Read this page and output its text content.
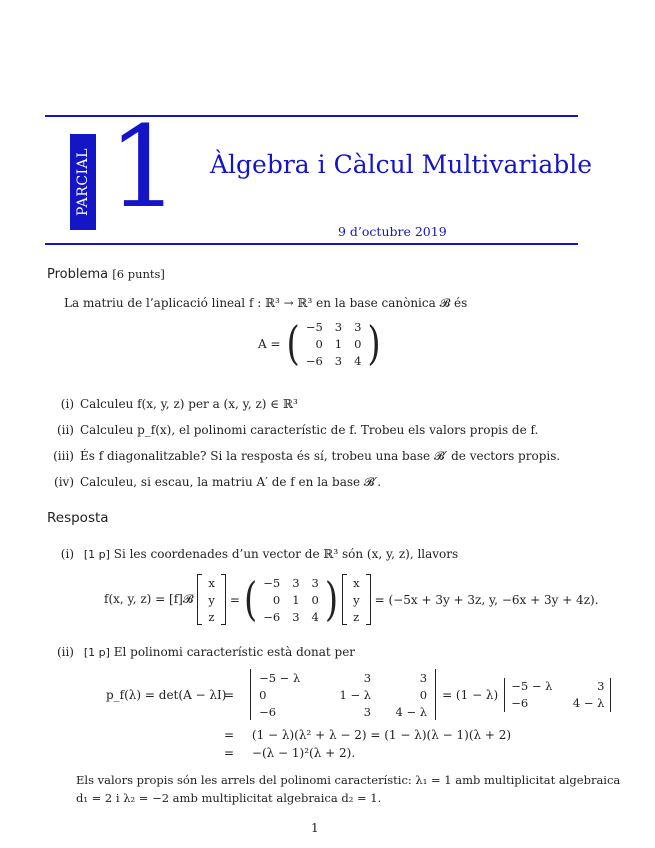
PARCIAL 1 Àlgebra i Càlcul Multivariable
9 d’octubre 2019
Problema [6 punts]
La matriu de l’aplicació lineal f : ℝ³ → ℝ³ en la base canònica 𝓑 és
A = ( −5	3	3
0	1	0
−6	3	4 )
(i) Calculeu f(x, y, z) per a (x, y, z) ∈ ℝ³
(ii) Calculeu p_f(x), el polinomi característic de f. Trobeu els valors propis de f.
(iii) És f diagonalitzable? Si la resposta és sí, trobeu una base 𝓑′ de vectors propis.
(iv) Calculeu, si escau, la matriu A′ de f en la base 𝓑′.
Resposta
(i) [1 p] Si les coordenades d’un vector de ℝ³ són (x, y, z), llavors
f(x, y, z) = [f]𝓑
x
y
z
= ( −5	3	3
0	1	0
−6	3	4 ) x
y
z
= (−5x + 3y + 3z, y, −6x + 3y + 4z).
(ii) [1 p] El polinomi característic està donat per
p_f(λ) = det(A − λI)
=
−5 − λ	3	3
0	1 − λ	0
−6	3	4 − λ
= (1 − λ)
−5 − λ	3
−6	4 − λ
= (1 − λ)(λ² + λ − 2) = (1 − λ)(λ − 1)(λ + 2)
= −(λ − 1)²(λ + 2).
Els valors propis són les arrels del polinomi característic: λ₁ = 1 amb multiplicitat algebraica
d₁ = 2 i λ₂ = −2 amb multiplicitat algebraica d₂ = 1.
1
